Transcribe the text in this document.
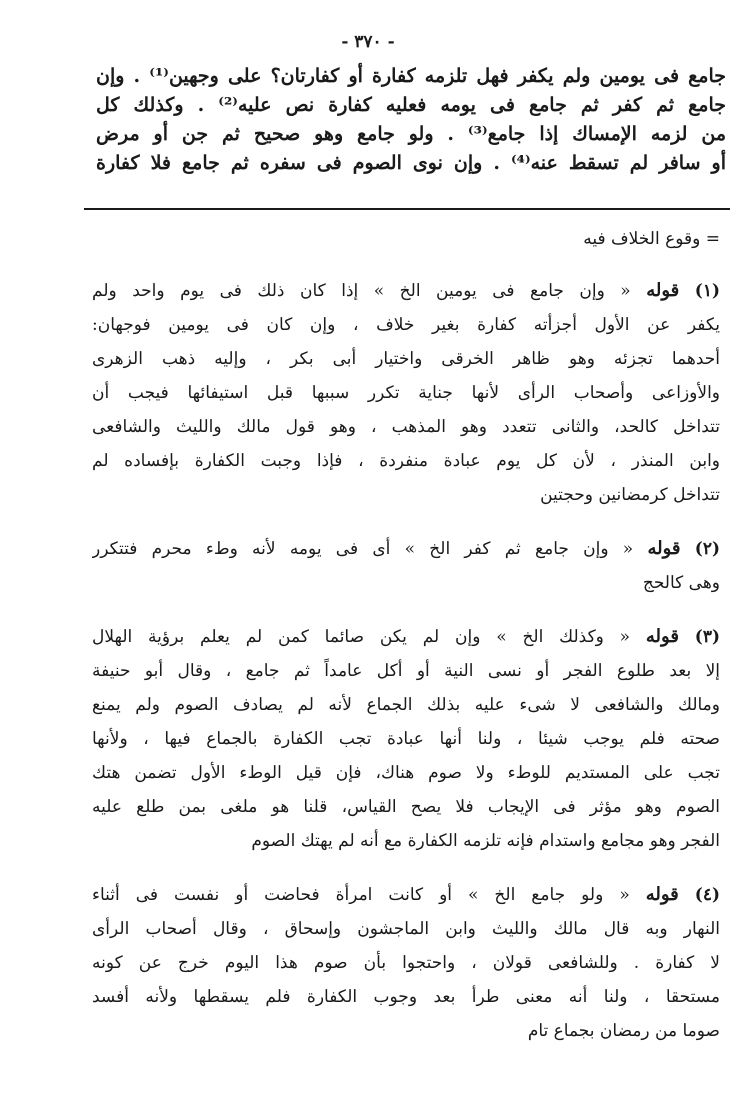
- ٣٧٠ -
جامع فى يومين ولم يكفر فهل تلزمه كفارة أو كفارتان؟ على وجهين⁽¹⁾ . وإن
جامع ثم كفر ثم جامع فى يومه فعليه كفارة نص عليه⁽²⁾ . وكذلك كل
من لزمه الإمساك إذا جامع⁽³⁾ . ولو جامع وهو صحيح ثم جن أو مرض
أو سافر لم تسقط عنه⁽⁴⁾ . وإن نوى الصوم فى سفره ثم جامع فلا كفارة
= وقوع الخلاف فيه
(١) قوله « وإن جامع فى يومين الخ » إذا كان ذلك فى يوم واحد ولم
يكفر عن الأول أجزأته كفارة بغير خلاف ، وإن كان فى يومين فوجهان:
أحدهما تجزئه وهو ظاهر الخرقى واختيار أبى بكر ، وإليه ذهب الزهرى
والأوزاعى وأصحاب الرأى لأنها جناية تكرر سببها قبل استيفائها فيجب أن
تتداخل كالحد، والثانى تتعدد وهو المذهب ، وهو قول مالك والليث والشافعى
وابن المنذر ، لأن كل يوم عبادة منفردة ، فإذا وجبت الكفارة بإفساده لم
تتداخل كرمضانين وحجتين
(٢) قوله « وإن جامع ثم كفر الخ » أى فى يومه لأنه وطء محرم فتتكرر
وهى كالحج
(٣) قوله « وكذلك الخ » وإن لم يكن صائما كمن لم يعلم برؤية الهلال
إلا بعد طلوع الفجر أو نسى النية أو أكل عامداً ثم جامع ، وقال أبو حنيفة
ومالك والشافعى لا شىء عليه بذلك الجماع لأنه لم يصادف الصوم ولم يمنع
صحته فلم يوجب شيئا ، ولنا أنها عبادة تجب الكفارة بالجماع فيها ، ولأنها
تجب على المستديم للوطء ولا صوم هناك، فإن قيل الوطء الأول تضمن هتك
الصوم وهو مؤثر فى الإيجاب فلا يصح القياس، قلنا هو ملغى بمن طلع عليه
الفجر وهو مجامع واستدام فإنه تلزمه الكفارة مع أنه لم يهتك الصوم
(٤) قوله « ولو جامع الخ » أو كانت امرأة فحاضت أو نفست فى أثناء
النهار وبه قال مالك والليث وابن الماجشون وإسحاق ، وقال أصحاب الرأى
لا كفارة . وللشافعى قولان ، واحتجوا بأن صوم هذا اليوم خرج عن كونه
مستحقا ، ولنا أنه معنى طرأ بعد وجوب الكفارة فلم يسقطها ولأنه أفسد
صوما من رمضان بجماع تام
